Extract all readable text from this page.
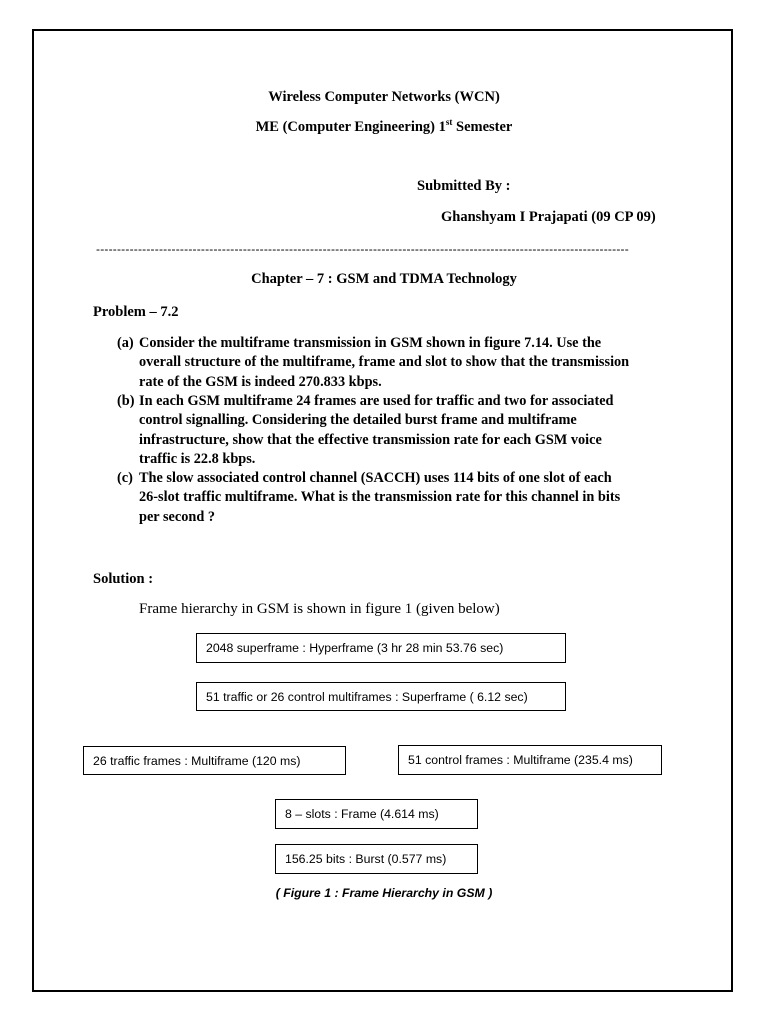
Wireless Computer Networks (WCN)
ME (Computer Engineering) 1st Semester
Submitted By :
Ghanshyam I Prajapati (09 CP 09)
-------------------------------------------------------------------------------------------------------------------------------
Chapter – 7 : GSM and TDMA Technology
Problem – 7.2
(a) Consider the multiframe transmission in GSM shown in figure 7.14. Use the
overall structure of the multiframe, frame and slot to show that the transmission
rate of the GSM is indeed 270.833 kbps.
(b) In each GSM multiframe 24 frames are used for traffic and two for associated
control signalling. Considering the detailed burst frame and multiframe
infrastructure, show that the effective transmission rate for each GSM voice
traffic is 22.8 kbps.
(c) The slow associated control channel (SACCH) uses 114 bits of one slot of each
26-slot traffic multiframe. What is the transmission rate for this channel in bits
per second ?
Solution :
Frame hierarchy in GSM is shown in figure 1 (given below)
2048 superframe : Hyperframe (3 hr 28 min 53.76 sec)
51 traffic or 26 control multiframes : Superframe ( 6.12 sec)
26 traffic frames : Multiframe (120 ms)	51 control frames : Multiframe (235.4 ms)
8 – slots : Frame (4.614 ms)
156.25 bits : Burst (0.577 ms)
( Figure 1 : Frame Hierarchy in GSM )
